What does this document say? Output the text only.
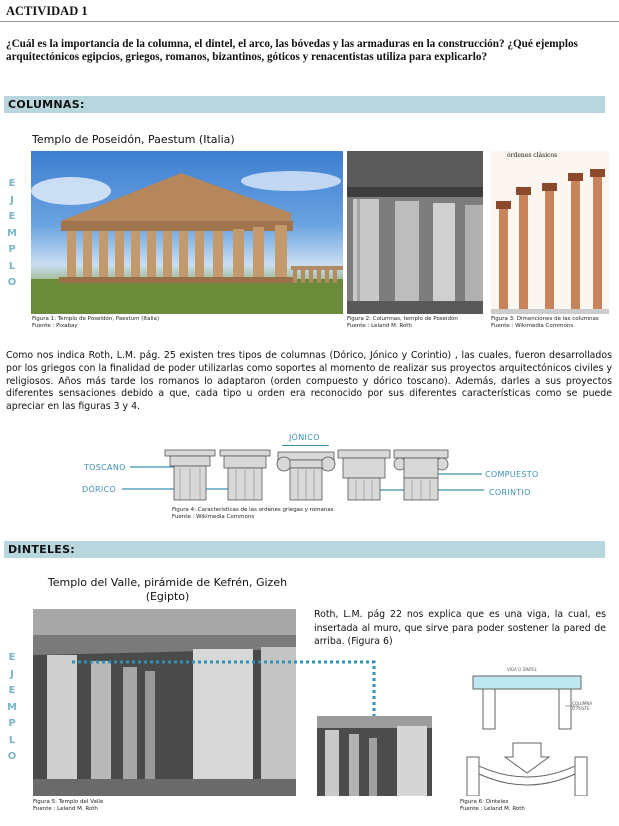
ACTIVIDAD 1
¿Cuál es la importancia de la columna, el dintel, el arco, las bóvedas y las armaduras en la construcción? ¿Qué ejemplos arquitectónicos egipcios, griegos, romanos, bizantinos, góticos y renacentistas utiliza para explicarlo?
COLUMNAS:
Templo de Poseidón, Paestum (Italia)
E
J
E
M
P
L
O
Figura 1: Templo de Poseidón, Paestum (Italia)
Fuente : Pixabay
Figura 2: Columnas, templo de Poseidón
Fuente : Leland M. Roth
órdenes clásicos
Figura 3: Dimenciones de las columnas
Fuente : Wikimedia Commons
Como nos indica Roth, L.M. pág. 25 existen tres tipos de columnas (Dórico, Jónico y Corintio) , las cuales, fueron desarrollados por los griegos con la finalidad de poder utilizarlas como soportes al momento de realizar sus proyectos arquitectónicos civiles y religiosos. Años más tarde los romanos lo adaptaron (orden compuesto y dórico toscano). Además, darles a sus proyectos diferentes sensaciones debido a que, cada tipo u orden era reconocido por sus diferentes características como se puede apreciar en las figuras 3 y 4.
JÓNICO
TOSCANO
DÓRICO
COMPUESTO
CORINTIO
Figura 4: Características de las ordenes griegas y romanas
Fuente : Wikimedia Commons
DINTELES:
Templo del Valle, pirámide de Kefrén, Gizeh
(Egipto)
E
J
E
M
P
L
O
Figura 5: Templo del Valle
Fuente : Leland M. Roth
Roth, L.M. pág 22 nos explica que es una viga, la cual, es insertada al muro, que sirve para poder sostener la pared de arriba. (Figura 6)
VIGA O DINTEL
COLUMNA
O POSTE
Figura 6: Dinteles
Fuente : Leland M. Roth
